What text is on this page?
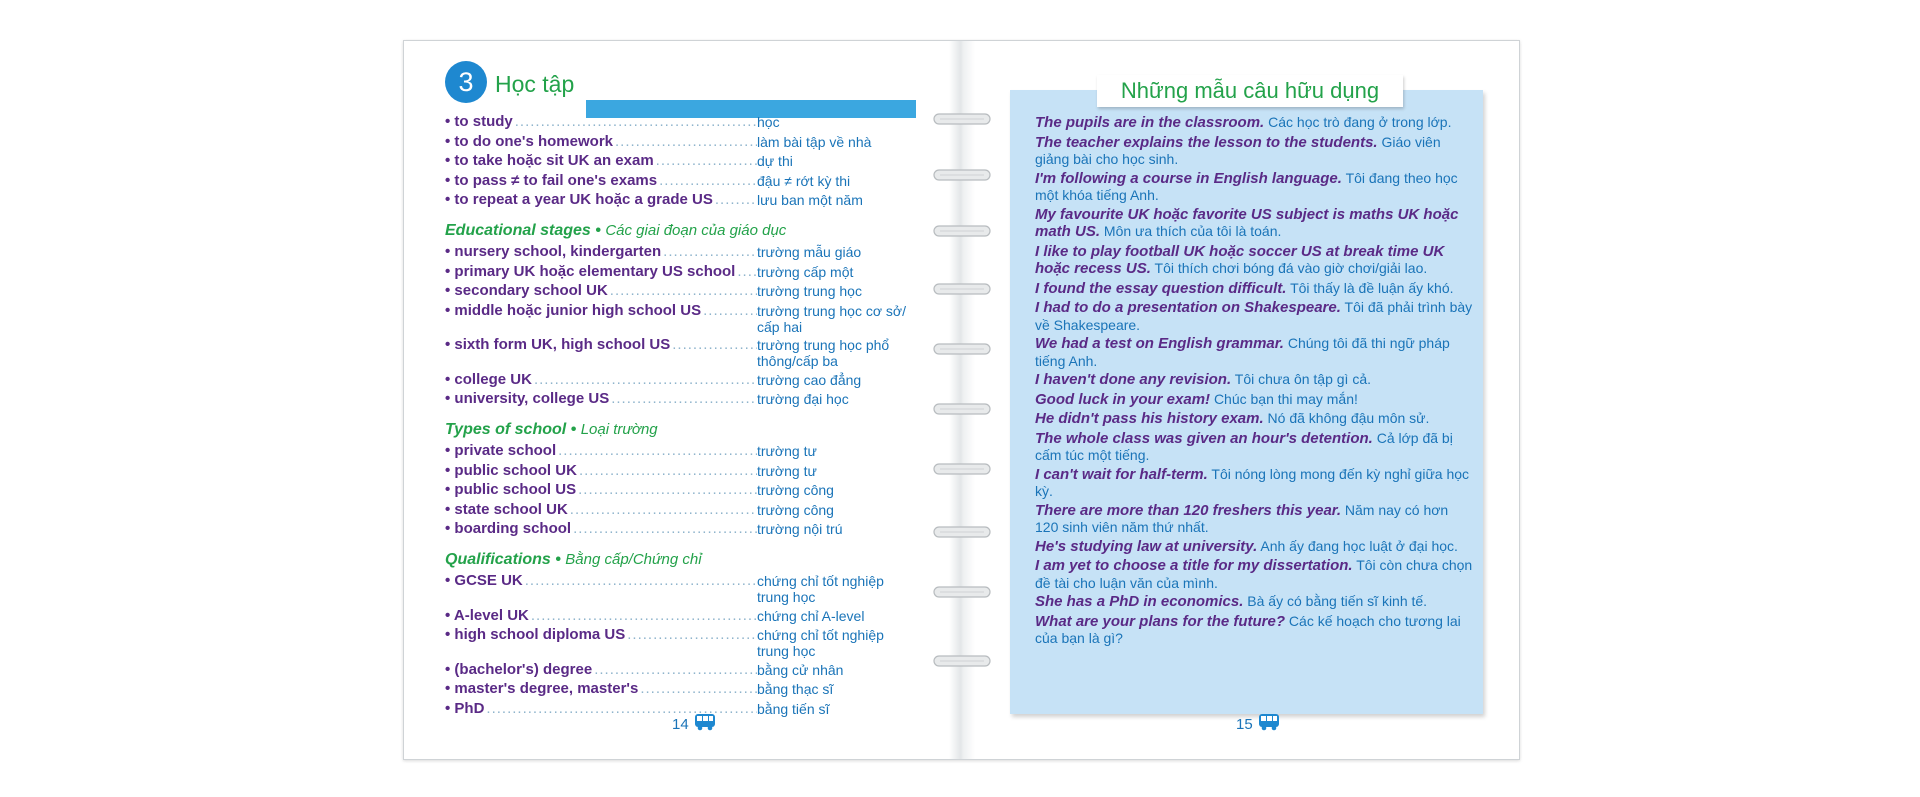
3 Học tập
• to study .....	học
• to do one's homework .....	làm bài tập về nhà
• to take hoặc sit UK an exam .....	dự thi
• to pass ≠ to fail one's exams .....	đậu ≠ rớt kỳ thi
• to repeat a year UK hoặc a grade US .....	lưu ban một năm
Educational stages • Các giai đoạn của giáo dục
• nursery school, kindergarten .....	trường mẫu giáo
• primary UK hoặc elementary US school ..... trường cấp một
• secondary school UK .....	trường trung học
• middle hoặc junior high school US .....	trường trung học cơ sở/ cấp hai
• sixth form UK, high school US .....	trường trung học phổ thông/cấp ba
• college UK .....	trường cao đẳng
• university, college US .....	trường đại học
Types of school • Loại trường
• private school .....	trường tư
• public school UK .....	trường tư
• public school US .....	trường công
• state school UK .....	trường công
• boarding school .....	trường nội trú
Qualifications • Bằng cấp/Chứng chỉ
• GCSE UK .....	chứng chỉ tốt nghiệp trung học
• A-level UK .....	chứng chỉ A-level
• high school diploma US .....	chứng chỉ tốt nghiệp trung học
• (bachelor's) degree .....	bằng cử nhân
• master's degree, master's .....	bằng thạc sĩ
• PhD .....	bằng tiến sĩ
14
Những mẫu câu hữu dụng
The pupils are in the classroom. Các học trò đang ở trong lớp.
The teacher explains the lesson to the students. Giáo viên giảng bài cho học sinh.
I'm following a course in English language. Tôi đang theo học một khóa tiếng Anh.
My favourite UK hoặc favorite US subject is maths UK hoặc math US. Môn ưa thích của tôi là toán.
I like to play football UK hoặc soccer US at break time UK hoặc recess US. Tôi thích chơi bóng đá vào giờ chơi/giải lao.
I found the essay question difficult. Tôi thấy là đề luận ấy khó.
I had to do a presentation on Shakespeare. Tôi đã phải trình bày về Shakespeare.
We had a test on English grammar. Chúng tôi đã thi ngữ pháp tiếng Anh.
I haven't done any revision. Tôi chưa ôn tập gì cả.
Good luck in your exam! Chúc bạn thi may mắn!
He didn't pass his history exam. Nó đã không đậu môn sử.
The whole class was given an hour's detention. Cả lớp đã bị cấm túc một tiếng.
I can't wait for half-term. Tôi nóng lòng mong đến kỳ nghỉ giữa học kỳ.
There are more than 120 freshers this year. Năm nay có hơn 120 sinh viên năm thứ nhất.
He's studying law at university. Anh ấy đang học luật ở đại học.
I am yet to choose a title for my dissertation. Tôi còn chưa chọn đề tài cho luận văn của mình.
She has a PhD in economics. Bà ấy có bằng tiến sĩ kinh tế.
What are your plans for the future? Các kế hoạch cho tương lai của bạn là gì?
15
